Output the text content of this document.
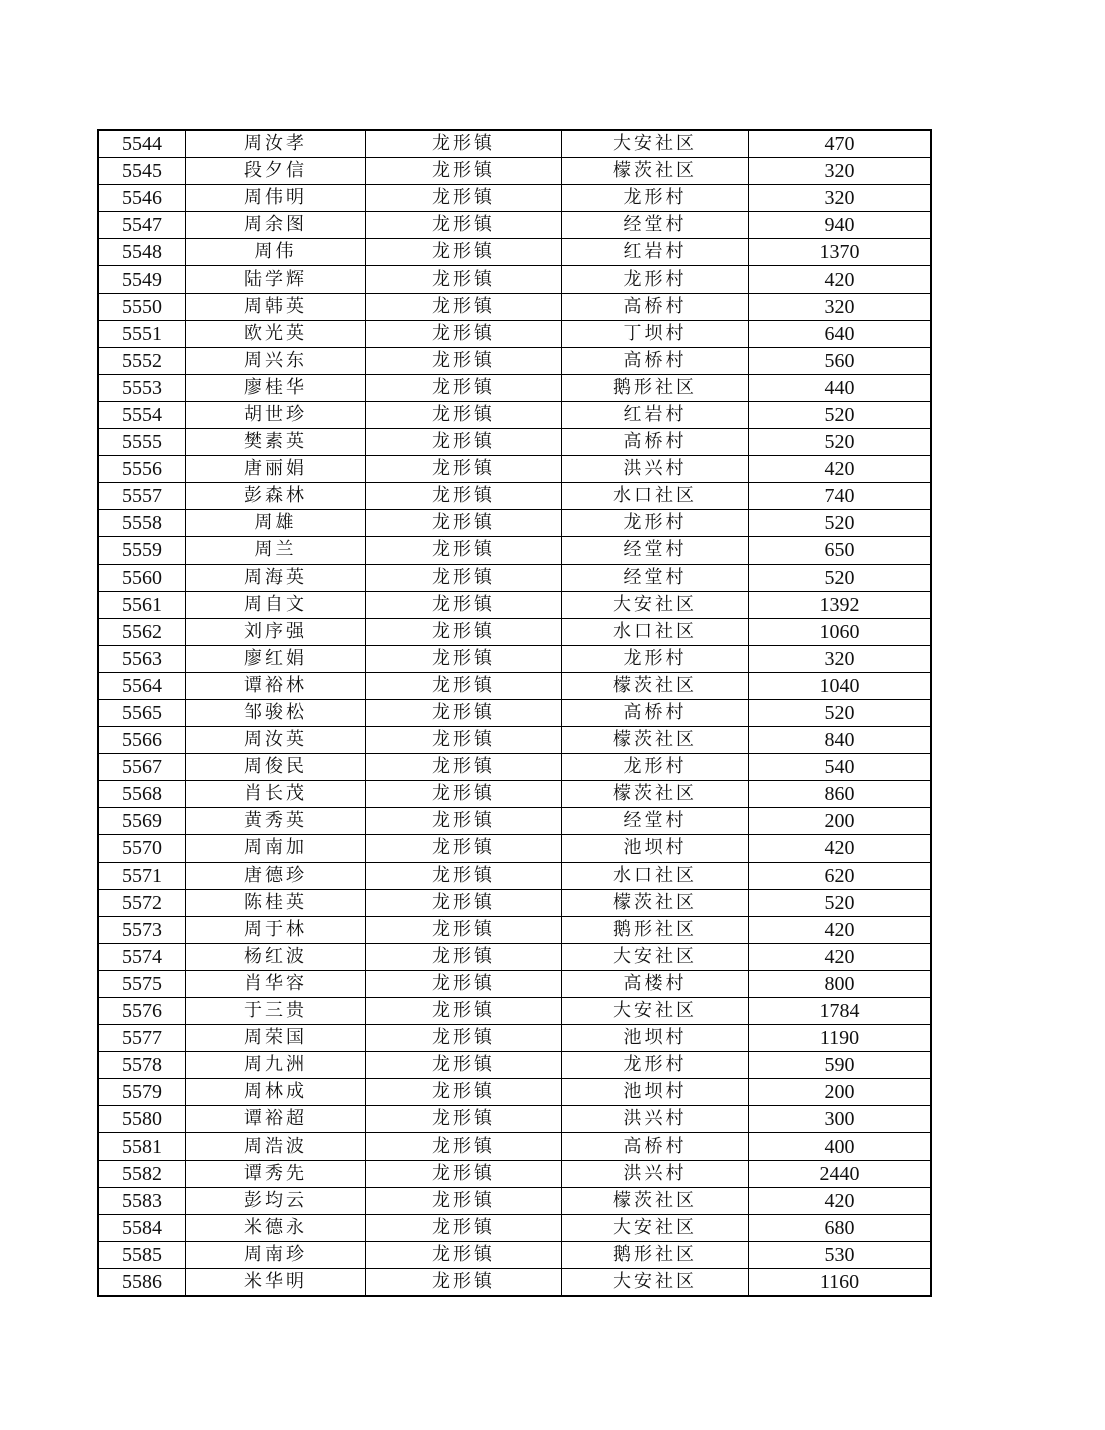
5544	周汝孝	龙形镇	大安社区	470
5545	段夕信	龙形镇	檬茨社区	320
5546	周伟明	龙形镇	龙形村	320
5547	周余图	龙形镇	经堂村	940
5548	周伟	龙形镇	红岩村	1370
5549	陆学辉	龙形镇	龙形村	420
5550	周韩英	龙形镇	高桥村	320
5551	欧光英	龙形镇	丁坝村	640
5552	周兴东	龙形镇	高桥村	560
5553	廖桂华	龙形镇	鹅形社区	440
5554	胡世珍	龙形镇	红岩村	520
5555	樊素英	龙形镇	高桥村	520
5556	唐丽娟	龙形镇	洪兴村	420
5557	彭森林	龙形镇	水口社区	740
5558	周雄	龙形镇	龙形村	520
5559	周兰	龙形镇	经堂村	650
5560	周海英	龙形镇	经堂村	520
5561	周自文	龙形镇	大安社区	1392
5562	刘序强	龙形镇	水口社区	1060
5563	廖红娟	龙形镇	龙形村	320
5564	谭裕林	龙形镇	檬茨社区	1040
5565	邹骏松	龙形镇	高桥村	520
5566	周汝英	龙形镇	檬茨社区	840
5567	周俊民	龙形镇	龙形村	540
5568	肖长茂	龙形镇	檬茨社区	860
5569	黄秀英	龙形镇	经堂村	200
5570	周南加	龙形镇	池坝村	420
5571	唐德珍	龙形镇	水口社区	620
5572	陈桂英	龙形镇	檬茨社区	520
5573	周于林	龙形镇	鹅形社区	420
5574	杨红波	龙形镇	大安社区	420
5575	肖华容	龙形镇	高楼村	800
5576	于三贵	龙形镇	大安社区	1784
5577	周荣国	龙形镇	池坝村	1190
5578	周九洲	龙形镇	龙形村	590
5579	周林成	龙形镇	池坝村	200
5580	谭裕超	龙形镇	洪兴村	300
5581	周浩波	龙形镇	高桥村	400
5582	谭秀先	龙形镇	洪兴村	2440
5583	彭均云	龙形镇	檬茨社区	420
5584	米德永	龙形镇	大安社区	680
5585	周南珍	龙形镇	鹅形社区	530
5586	米华明	龙形镇	大安社区	1160
